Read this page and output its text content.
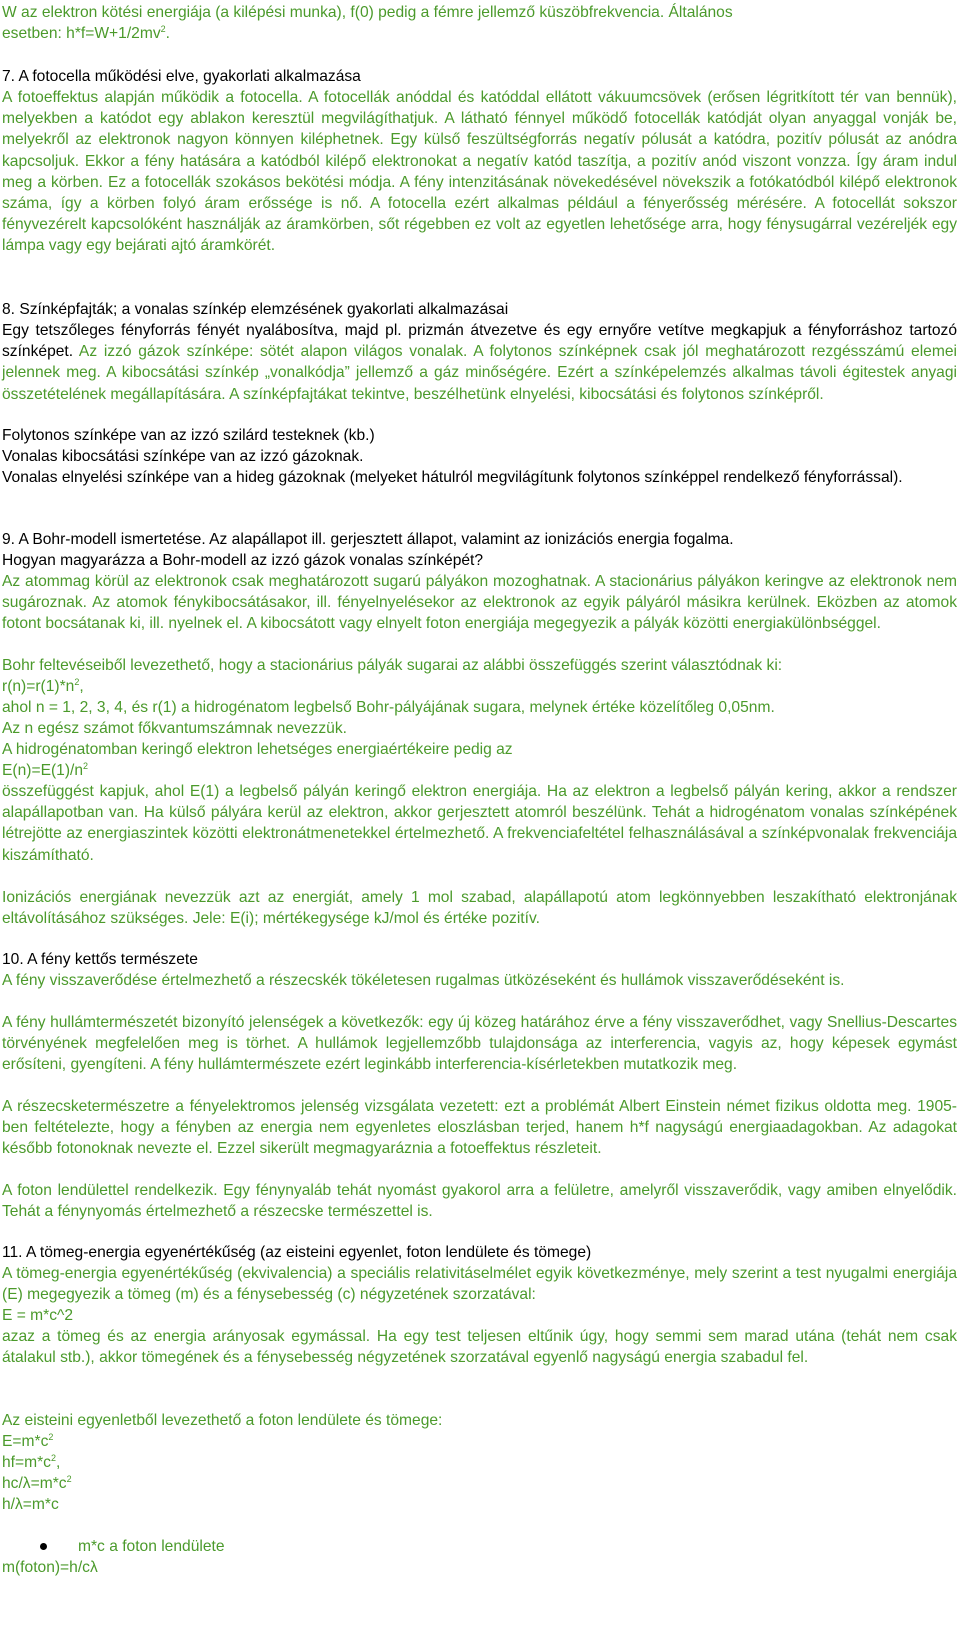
W az elektron kötési energiája (a kilépési munka), f(0) pedig a fémre jellemző küszöbfrekvencia. Általános
esetben: $h*f=W+1/2mv^2$.
7. A fotocella működési elve, gyakorlati alkalmazása
A fotoeffektus alapján működik a fotocella. A fotocellák anóddal és katóddal ellátott vákuumcsövek (erősen légritkított tér van bennük), melyekben a katódot egy ablakon keresztül megvilágíthatjuk. A látható fénnyel működő fotocellák katódját olyan anyaggal vonják be, melyekről az elektronok nagyon könnyen kiléphetnek. Egy külső feszültségforrás negatív pólusát a katódra, pozitív pólusát az anódra kapcsoljuk. Ekkor a fény hatására a katódból kilépő elektronokat a negatív katód taszítja, a pozitív anód viszont vonzza. Így áram indul meg a körben. Ez a fotocellák szokásos bekötési módja. A fény intenzitásának növekedésével növekszik a fotókatódból kilépő elektronok száma, így a körben folyó áram erőssége is nő. A fotocella ezért alkalmas például a fényerősség mérésére. A fotocellát sokszor fényvezérelt kapcsolóként használják az áramkörben, sőt régebben ez volt az egyetlen lehetősége arra, hogy fénysugárral vezéreljék egy lámpa vagy egy bejárati ajtó áramkörét.
8. Színképfajták; a vonalas színkép elemzésének gyakorlati alkalmazásai
Egy tetszőleges fényforrás fényét nyalábosítva, majd pl. prizmán átvezetve és egy ernyőre vetítve megkapjuk a fényforráshoz tartozó színképet. Az izzó gázok színképe: sötét alapon világos vonalak. A folytonos színképnek csak jól meghatározott rezgésszámú elemei jelennek meg. A kibocsátási színkép „vonalkódja” jellemző a gáz minőségére. Ezért a színképelemzés alkalmas távoli égitestek anyagi összetételének megállapítására. A színképfajtákat tekintve, beszélhetünk elnyelési, kibocsátási és folytonos színképről.
Folytonos színképe van az izzó szilárd testeknek (kb.)
Vonalas kibocsátási színképe van az izzó gázoknak.
Vonalas elnyelési színképe van a hideg gázoknak (melyeket hátulról megvilágítunk folytonos színképpel rendelkező fényforrással).
9. A Bohr-modell ismertetése. Az alapállapot ill. gerjesztett állapot, valamint az ionizációs energia fogalma.
Hogyan magyarázza a Bohr-modell az izzó gázok vonalas színképét?
Az atommag körül az elektronok csak meghatározott sugarú pályákon mozoghatnak. A stacionárius pályákon keringve az elektronok nem sugároznak. Az atomok fénykibocsátásakor, ill. fényelnyelésekor az elektronok az egyik pályáról másikra kerülnek. Eközben az atomok fotont bocsátanak ki, ill. nyelnek el. A kibocsátott vagy elnyelt foton energiája megegyezik a pályák közötti energiakülönbséggel.
Bohr feltevéseiből levezethető, hogy a stacionárius pályák sugarai az alábbi összefüggés szerint választódnak ki:
$r(n)=r(1)*n^2$,
ahol n = 1, 2, 3, 4, és r(1) a hidrogénatom legbelső Bohr-pályájának sugara, melynek értéke közelítőleg 0,05nm.
Az n egész számot főkvantumszámnak nevezzük.
A hidrogénatomban keringő elektron lehetséges energiaértékeire pedig az
$E(n)=E(1)/n^2$
összefüggést kapjuk, ahol E(1) a legbelső pályán keringő elektron energiája. Ha az elektron a legbelső pályán kering, akkor a rendszer alapállapotban van. Ha külső pályára kerül az elektron, akkor gerjesztett atomról beszélünk. Tehát a hidrogénatom vonalas színképének létrejötte az energiaszintek közötti elektronátmenetekkel értelmezhető. A frekvenciafeltétel felhasználásával a színképvonalak frekvenciája kiszámítható.
Ionizációs energiának nevezzük azt az energiát, amely 1 mol szabad, alapállapotú atom legkönnyebben leszakítható elektronjának eltávolításához szükséges. Jele: E(i); mértékegysége kJ/mol és értéke pozitív.
10. A fény kettős természete
A fény visszaverődése értelmezhető a részecskék tökéletesen rugalmas ütközéseként és hullámok visszaverődéseként is.
A fény hullámtermészetét bizonyító jelenségek a következők: egy új közeg határához érve a fény visszaverődhet, vagy Snellius-Descartes törvényének megfelelően meg is törhet. A hullámok legjellemzőbb tulajdonsága az interferencia, vagyis az, hogy képesek egymást erősíteni, gyengíteni. A fény hullámtermészete ezért leginkább interferencia-kísérletekben mutatkozik meg.
A részecsketermészetre a fényelektromos jelenség vizsgálata vezetett: ezt a problémát Albert Einstein német fizikus oldotta meg. 1905-ben feltételezte, hogy a fényben az energia nem egyenletes eloszlásban terjed, hanem h*f nagyságú energiaadagokban. Az adagokat később fotonoknak nevezte el. Ezzel sikerült megmagyaráznia a fotoeffektus részleteit.
A foton lendülettel rendelkezik. Egy fénynyaláb tehát nyomást gyakorol arra a felületre, amelyről visszaverődik, vagy amiben elnyelődik. Tehát a fénynyomás értelmezhető a részecske természettel is.
11. A tömeg-energia egyenértékűség (az eisteini egyenlet, foton lendülete és tömege)
A tömeg-energia egyenértékűség (ekvivalencia) a speciális relativitáselmélet egyik következménye, mely szerint a test nyugalmi energiája (E) megegyezik a tömeg (m) és a fénysebesség (c) négyzetének szorzatával:
E = m*c^2
azaz a tömeg és az energia arányosak egymással. Ha egy test teljesen eltűnik úgy, hogy semmi sem marad utána (tehát nem csak átalakul stb.), akkor tömegének és a fénysebesség négyzetének szorzatával egyenlő nagyságú energia szabadul fel.
Az eisteini egyenletből levezethető a foton lendülete és tömege:
$E=m*c^2$
$hf=m*c^2$,
$hc/\lambda=m*c^2$
h/λ=m*c
m*c a foton lendülete
m(foton)=h/cλ
